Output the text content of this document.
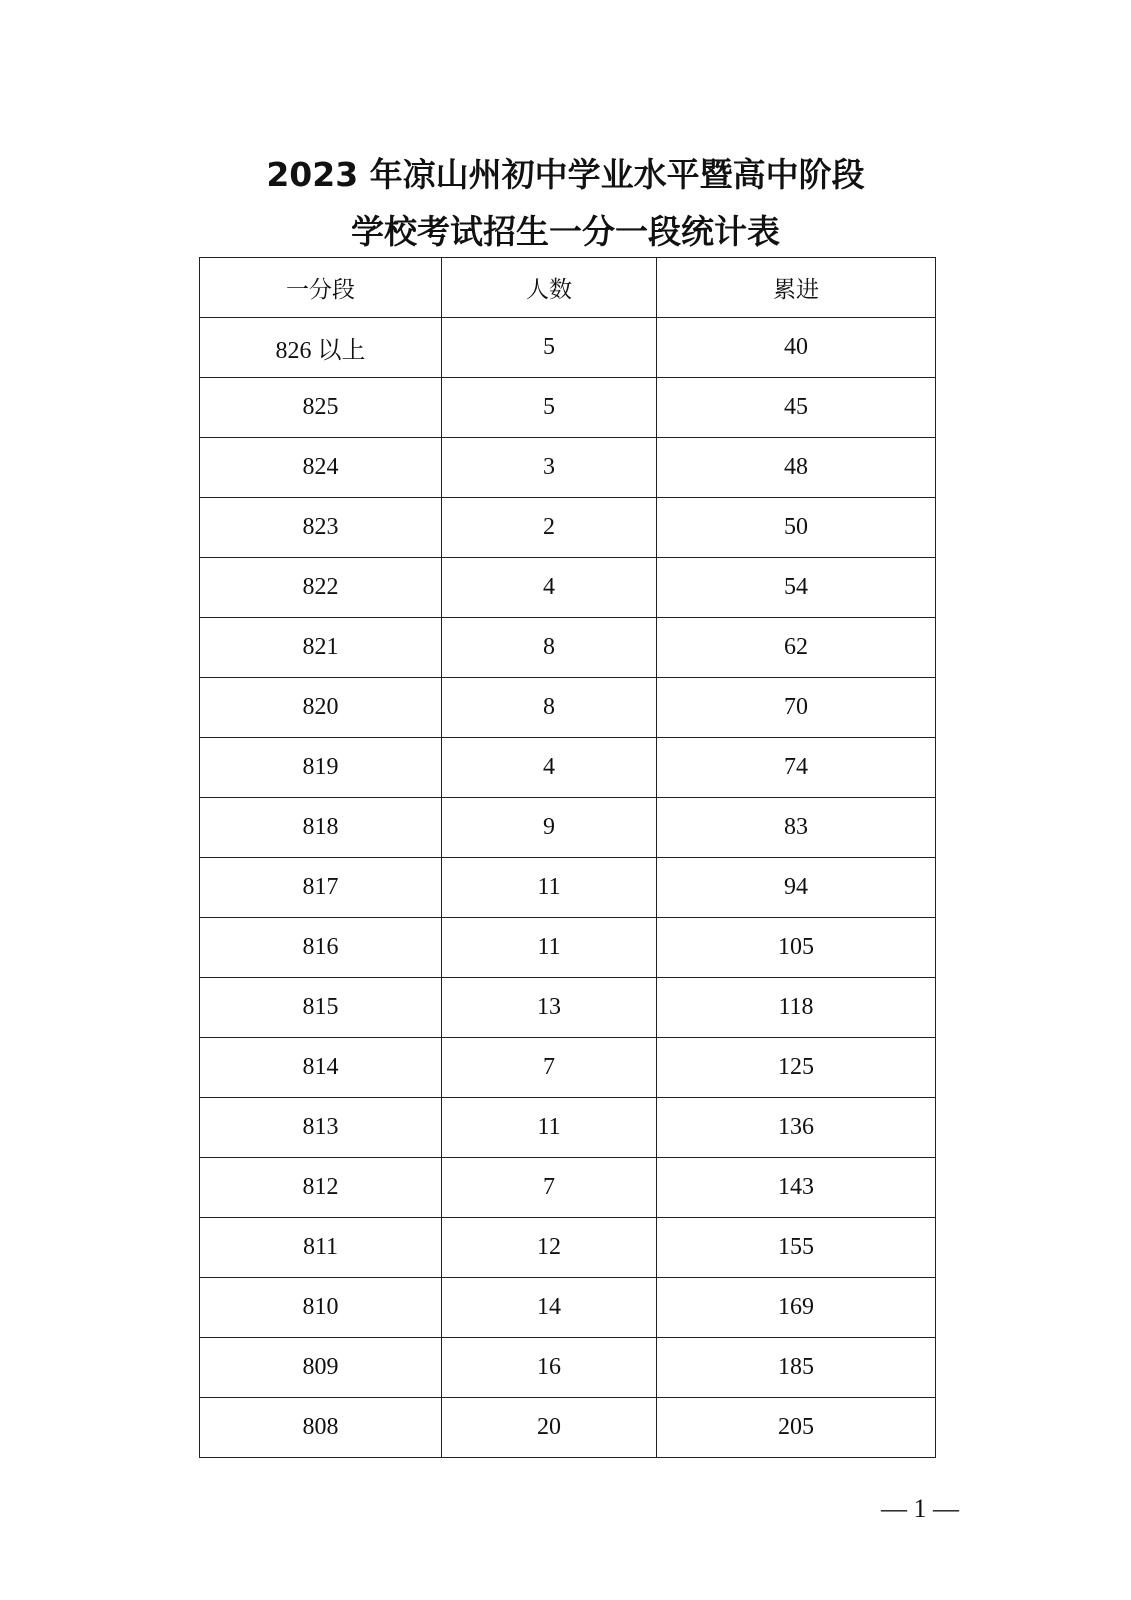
2023 年凉山州初中学业水平暨高中阶段
学校考试招生一分一段统计表
一分段	人数	累进
826 以上	5	40
825	5	45
824	3	48
823	2	50
822	4	54
821	8	62
820	8	70
819	4	74
818	9	83
817	11	94
816	11	105
815	13	118
814	7	125
813	11	136
812	7	143
811	12	155
810	14	169
809	16	185
808	20	205
— 1 —
